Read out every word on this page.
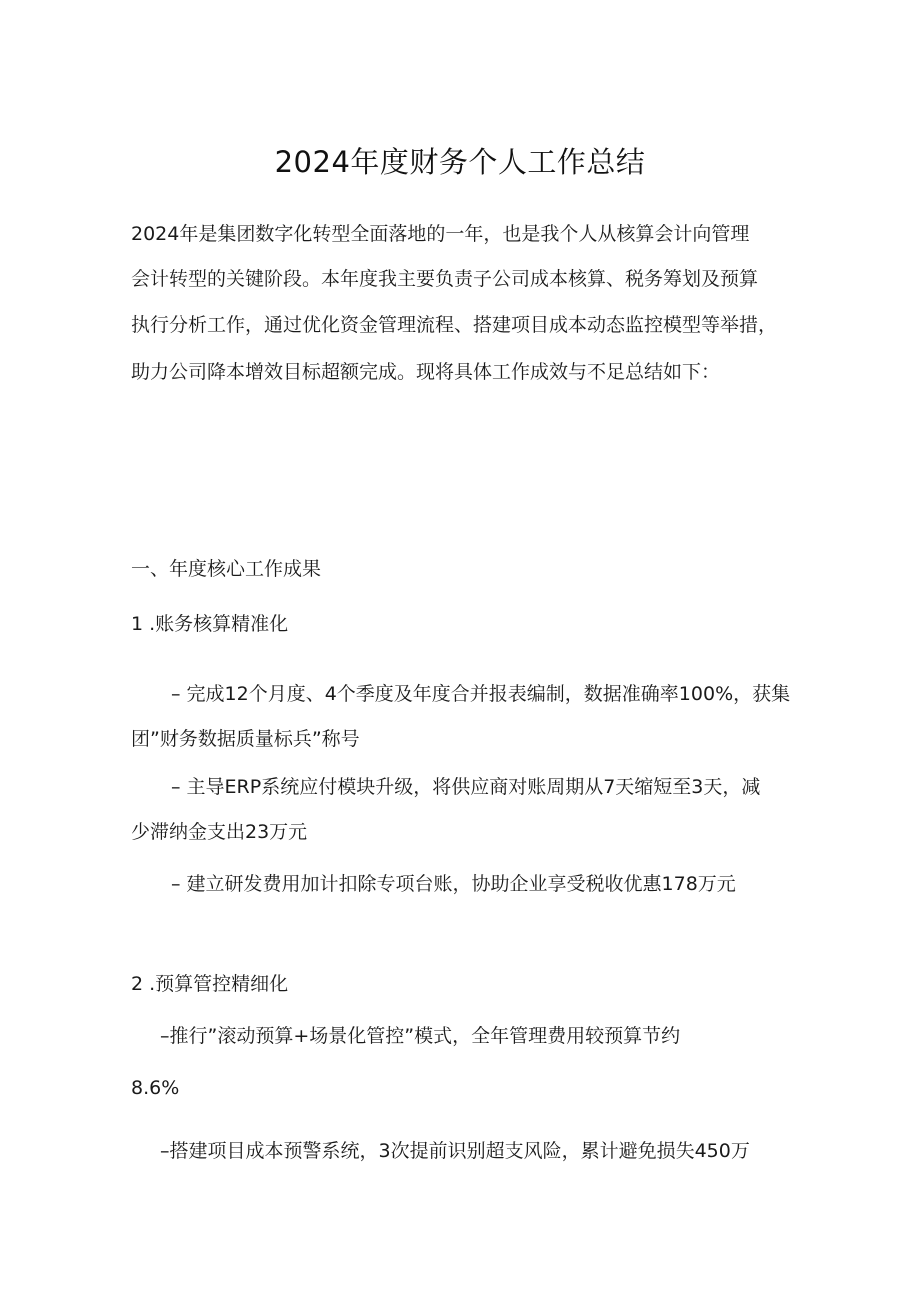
2024年度财务个人工作总结
2024年是集团数字化转型全面落地的一年，也是我个人从核算会计向管理
会计转型的关键阶段。本年度我主要负责子公司成本核算、税务筹划及预算
执行分析工作，通过优化资金管理流程、搭建项目成本动态监控模型等举措，
助力公司降本增效目标超额完成。现将具体工作成效与不足总结如下：
一、年度核心工作成果
1 .账务核算精准化
– 完成12个月度、4个季度及年度合并报表编制，数据准确率100%，获集
团”财务数据质量标兵”称号
– 主导ERP系统应付模块升级，将供应商对账周期从7天缩短至3天，减
少滞纳金支出23万元
– 建立研发费用加计扣除专项台账，协助企业享受税收优惠178万元
2 .预算管控精细化
–推行”滚动预算+场景化管控”模式，全年管理费用较预算节约
8.6%
–搭建项目成本预警系统，3次提前识别超支风险，累计避免损失450万
